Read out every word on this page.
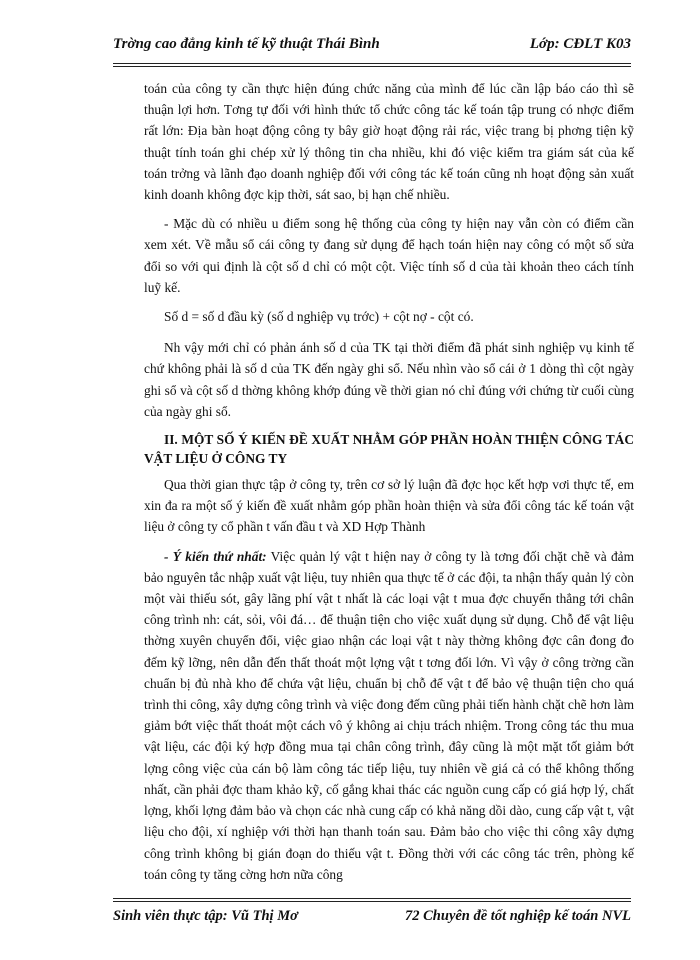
Trờng cao đẳng kinh tế kỹ thuật Thái Bình	Lớp: CĐLT K03

toán của công ty cần thực hiện đúng chức năng của mình để lúc cần lập báo cáo thì sẽ thuận lợi hơn. Tơng tự đối với hình thức tổ chức công tác kế toán tập trung có nhợc điểm rất lớn: Địa bàn hoạt động công ty bây giờ hoạt động rải rác, việc trang bị phơng tiện kỹ thuật tính toán ghi chép xử lý thông tin cha nhiều, khi đó việc kiểm tra giám sát của kế toán trởng và lãnh đạo doanh nghiệp đối với công tác kế toán cũng nh hoạt động sản xuất kinh doanh không đợc kịp thời, sát sao, bị hạn chế nhiều.

- Mặc dù có nhiều u điểm song hệ thống của công ty hiện nay vẫn còn có điểm cần xem xét. Về mẫu sổ cái công ty đang sử dụng để hạch toán hiện nay công có một số sửa đổi so với qui định là cột số d chỉ có một cột. Việc tính số d của tài khoản theo cách tính luỹ kế.

Số d = số d đầu kỳ (số d nghiệp vụ trớc) + cột nợ - cột có.

Nh vậy mới chỉ có phản ánh số d của TK tại thời điểm đã phát sinh nghiệp vụ kinh tế chứ không phải là số d của TK đến ngày ghi sổ. Nếu nhìn vào sổ cái ở 1 dòng thì cột ngày ghi sổ và cột số d thờng không khớp đúng về thời gian nó chỉ đúng với chứng từ cuối cùng của ngày ghi sổ.

II. MỘT SỐ Ý KIẾN ĐỀ XUẤT NHẰM GÓP PHẦN HOÀN THIỆN CÔNG TÁC VẬT LIỆU Ở CÔNG TY

Qua thời gian thực tập ở công ty, trên cơ sở lý luận đã đợc học kết hợp vơi thực tế, em xin đa ra một số ý kiến đề xuất nhằm góp phần hoàn thiện và sửa đổi công tác kế toán vật liệu ở công ty cổ phần t vấn đầu t và XD Hợp Thành

- Ý kiến thứ nhất: Việc quản lý vật t hiện nay ở công ty là tơng đối chặt chẽ và đảm bảo nguyên tắc nhập xuất vật liệu, tuy nhiên qua thực tế ở các đội, ta nhận thấy quản lý còn một vài thiếu sót, gây lãng phí vật t nhất là các loại vật t mua đợc chuyển thẳng tới chân công trình nh: cát, sỏi, vôi đá… để thuận tiện cho việc xuất dụng sử dụng. Chỗ để vật liệu thờng xuyên chuyển đổi, việc giao nhận các loại vật t này thờng không đợc cân đong đo đếm kỹ lỡng, nên dẫn đến thất thoát một lợng vật t tơng đối lớn. Vì vậy ở công trờng cần chuẩn bị đủ nhà kho để chứa vật liệu, chuẩn bị chỗ để vật t để bảo vệ thuận tiện cho quá trình thi công, xây dựng công trình và việc đong đếm cũng phải tiến hành chặt chẽ hơn làm giảm bớt việc thất thoát một cách vô ý không ai chịu trách nhiệm. Trong công tác thu mua vật liệu, các đội ký hợp đồng mua tại chân công trình, đây cũng là một mặt tốt giảm bớt lợng công việc của cán bộ làm công tác tiếp liệu, tuy nhiên về giá cả có thể không thống nhất, cần phải đợc tham khảo kỹ, cố gắng khai thác các nguồn cung cấp có giá hợp lý, chất lợng, khối lợng đảm bảo và chọn các nhà cung cấp có khả năng dồi dào, cung cấp vật t, vật liệu cho đội, xí nghiệp với thời hạn thanh toán sau. Đảm bảo cho việc thi công xây dựng công trình không bị gián đoạn do thiếu vật t. Đồng thời với các công tác trên, phòng kế toán công ty tăng cờng hơn nữa công

Sinh viên thực tập: Vũ Thị Mơ	72 Chuyên đề tốt nghiệp kế toán NVL
